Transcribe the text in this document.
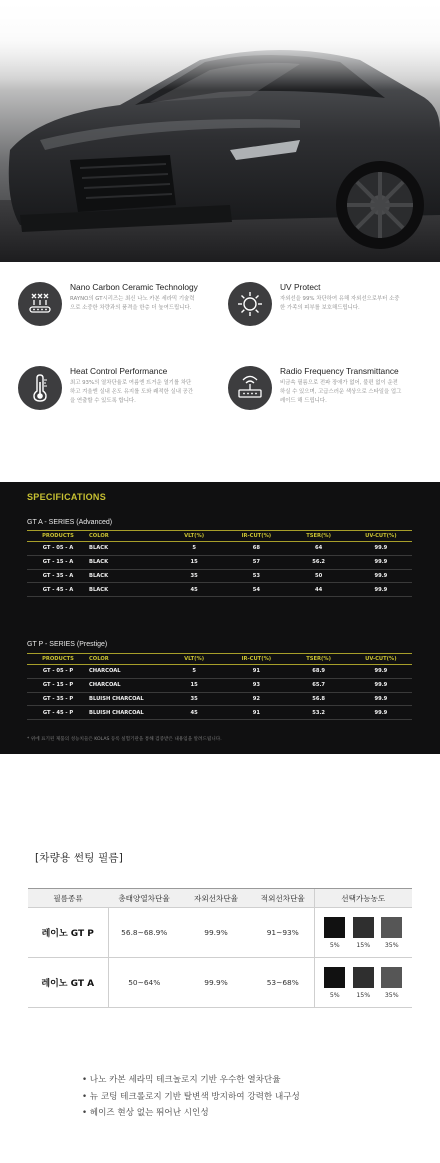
Nano Carbon Ceramic Technology
RAYNO의 GT시리즈는 최신 나노 카본 세라믹 기술력
으로 소중한 차량과의 품격을 한층 더 높여드립니다.
UV Protect
자외선을 99% 차단하여 유해 자외선으로부터 소중
한 가족의 피부를 보호해드립니다.
Heat Control Performance
최고 93%의 열차단율로 여름엔 뜨거운 열기를 차단
하고 겨울엔 실내 온도 유지를 도와 쾌적한 실내 공간
을 연출할 수 있도록 합니다.
Radio Frequency Transmittance
비금속 필름으로 전파 장애가 없어, 불편 없이 운전
하실 수 있으며, 고급스러운 색상으로 스타일을 업그
레이드 해 드립니다.
SPECIFICATIONS
GT A - SERIES (Advanced)
PRODUCTS	COLOR	VLT(%)	IR-CUT(%)	TSER(%)	UV-CUT(%)
GT - 05 - A	BLACK	5	68	64	99.9
GT - 15 - A	BLACK	15	57	56.2	99.9
GT - 35 - A	BLACK	35	53	50	99.9
GT - 45 - A	BLACK	45	54	44	99.9
GT P - SERIES (Prestige)
PRODUCTS	COLOR	VLT(%)	IR-CUT(%)	TSER(%)	UV-CUT(%)
GT - 05 - P	CHARCOAL	5	91	68.9	99.9
GT - 15 - P	CHARCOAL	15	93	65.7	99.9
GT - 35 - P	BLUISH CHARCOAL	35	92	56.8	99.9
GT - 45 - P	BLUISH CHARCOAL	45	91	53.2	99.9
* 위에 표기된 제품의 성능치들은 KOLAS 등록 실험기관을 통해 검증받은 내용임을 알려드립니다.
[차량용 썬팅 필름]
필름종류	총태양열차단율	자외선차단율	적외선차단율	선택가능농도
레이노 GT P	56.8~68.9%	99.9%	91~93%	5% 15% 35%

레이노 GT A	50~64%	99.9%	53~68%	5% 15% 35%
• 나노 카본 세라믹 테크놀로지 기반 우수한 열차단율
• 뉴 코팅 테크롤로지 기반 탈변색 방지하여 강력한 내구성
• 헤이즈 현상 없는 뛰어난 시인성
